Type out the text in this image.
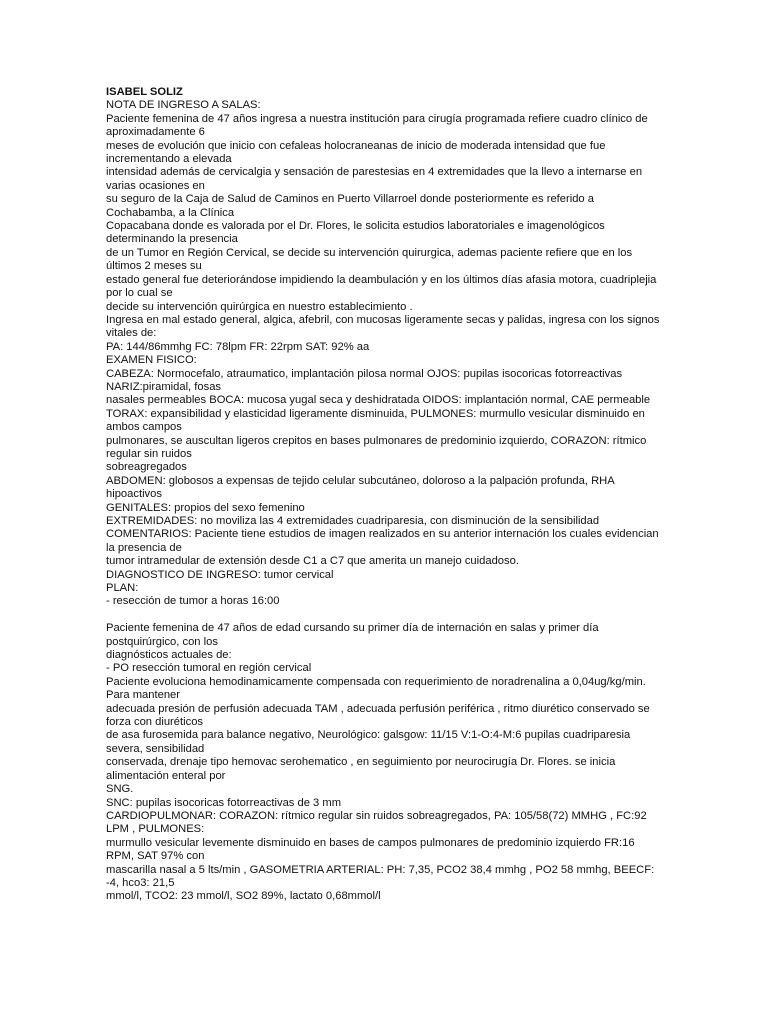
ISABEL SOLIZ
NOTA DE INGRESO A SALAS:
Paciente femenina de 47 años ingresa a nuestra institución para cirugía programada refiere cuadro clínico de aproximadamente 6
meses de evolución que inicio con cefaleas holocraneanas de inicio de moderada intensidad que fue incrementando a elevada
intensidad además de cervicalgia y sensación de parestesias en 4 extremidades que la llevo a internarse en varias ocasiones en
su seguro de la Caja de Salud de Caminos en Puerto Villarroel donde posteriormente es referido a Cochabamba, a la Clínica
Copacabana donde es valorada por el Dr. Flores, le solicita estudios laboratoriales e imagenológicos determinando la presencia
de un Tumor en Región Cervical, se decide su intervención quirurgica, ademas paciente refiere que en los últimos 2 meses su
estado general fue deteriorándose impidiendo la deambulación y en los últimos días afasia motora, cuadriplejia por lo cual se
decide su intervención quirúrgica en nuestro establecimiento .
Ingresa en mal estado general, algica, afebril, con mucosas ligeramente secas y palidas, ingresa con los signos vitales de:
PA: 144/86mmhg FC: 78lpm FR: 22rpm SAT: 92% aa
EXAMEN FISICO:
CABEZA: Normocefalo, atraumatico, implantación pilosa normal OJOS: pupilas isocoricas fotorreactivas NARIZ:piramidal, fosas
nasales permeables BOCA: mucosa yugal seca y deshidratada OIDOS: implantación normal, CAE permeable
TORAX: expansibilidad y elasticidad ligeramente disminuida, PULMONES: murmullo vesicular disminuido en ambos campos
pulmonares, se auscultan ligeros crepitos en bases pulmonares de predominio izquierdo, CORAZON: rítmico regular sin ruidos
sobreagregados
ABDOMEN: globosos a expensas de tejido celular subcutáneo, doloroso a la palpación profunda, RHA hipoactivos
GENITALES: propios del sexo femenino
EXTREMIDADES: no moviliza las 4 extremidades cuadriparesia, con disminución de la sensibilidad
COMENTARIOS: Paciente tiene estudios de imagen realizados en su anterior internación los cuales evidencian la presencia de
tumor intramedular de extensión desde C1 a C7 que amerita un manejo cuidadoso.
DIAGNOSTICO DE INGRESO: tumor cervical
PLAN:
- resección de tumor a horas 16:00
Paciente femenina de 47 años de edad cursando su primer día de internación en salas y primer día postquirúrgico, con los
diagnósticos actuales de:
- PO resección tumoral en región cervical
Paciente evoluciona hemodinamicamente compensada con requerimiento de noradrenalina a 0,04ug/kg/min. Para mantener
adecuada presión de perfusión adecuada TAM , adecuada perfusión periférica , ritmo diurético conservado se forza con diuréticos
de asa furosemida para balance negativo, Neurológico: galsgow: 11/15 V:1-O:4-M:6 pupilas cuadriparesia severa, sensibilidad
conservada, drenaje tipo hemovac serohematico , en seguimiento por neurocirugía Dr. Flores. se inicia alimentación enteral por
SNG.
SNC: pupilas isocoricas fotorreactivas de 3 mm
CARDIOPULMONAR: CORAZON: rítmico regular sin ruidos sobreagregados, PA: 105/58(72) MMHG , FC:92 LPM , PULMONES:
murmullo vesicular levemente disminuido en bases de campos pulmonares de predominio izquierdo FR:16 RPM, SAT 97% con
mascarilla nasal a 5 lts/min , GASOMETRIA ARTERIAL: PH: 7,35, PCO2 38,4 mmhg , PO2 58 mmhg, BEECF: -4, hco3: 21,5
mmol/l, TCO2: 23 mmol/l, SO2 89%, lactato 0,68mmol/l
